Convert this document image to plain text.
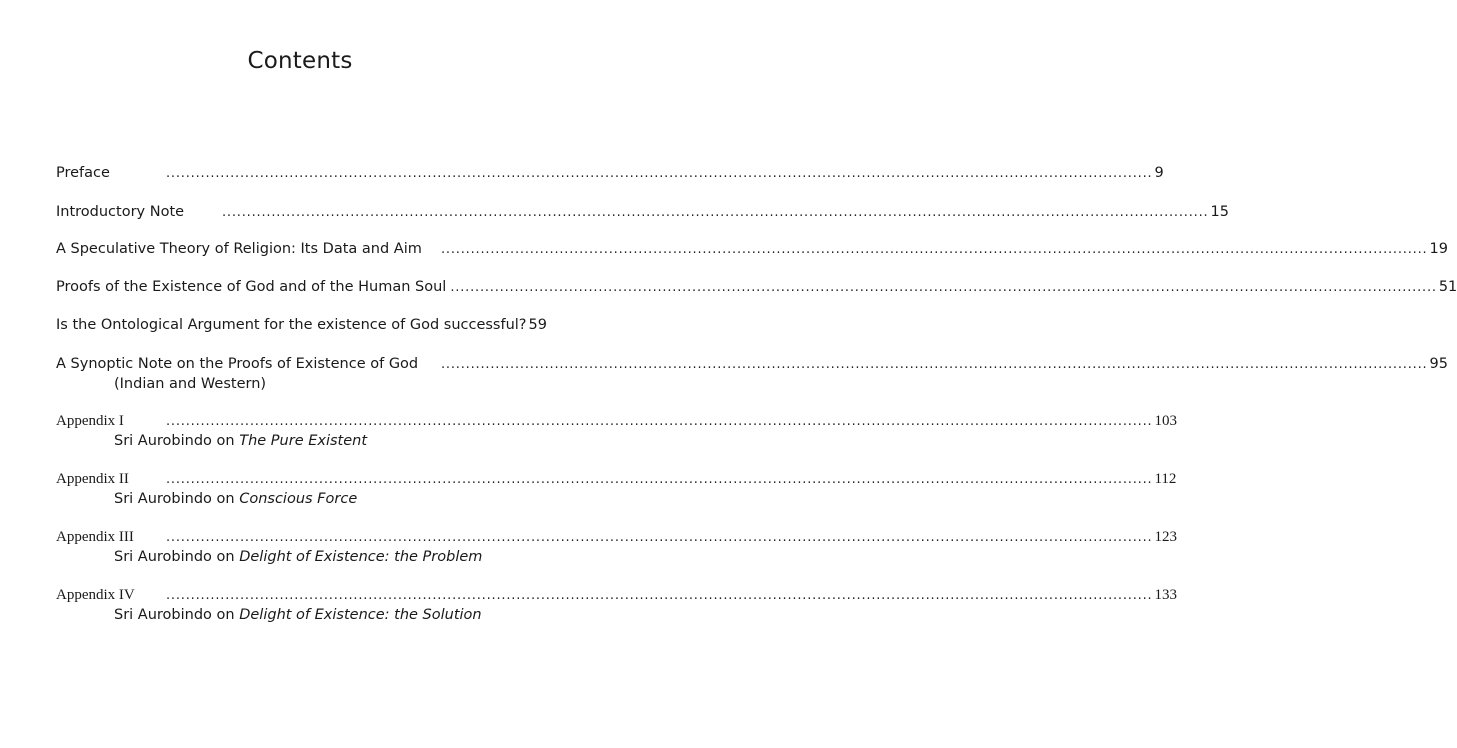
Contents
Preface	........................................................................................................................................................................................................ 9
Introductory Note	........................................................................................................................................................................................................ 15
A Speculative Theory of Religion: Its Data and Aim	........................................................................................................................................................................................................ 19
Proofs of the Existence of God and of the Human Soul ........................................................................................................................................................................................................ 51
Is the Ontological Argument for the existence of God successful? 59
A Synoptic Note on the Proofs of Existence of God	........................................................................................................................................................................................................ 95
(Indian and Western)
Appendix I	........................................................................................................................................................................................................ 103
Sri Aurobindo on The Pure Existent
Appendix II	........................................................................................................................................................................................................ 112
Sri Aurobindo on Conscious Force
Appendix III	........................................................................................................................................................................................................ 123
Sri Aurobindo on Delight of Existence: the Problem
Appendix IV	........................................................................................................................................................................................................ 133
Sri Aurobindo on Delight of Existence: the Solution
